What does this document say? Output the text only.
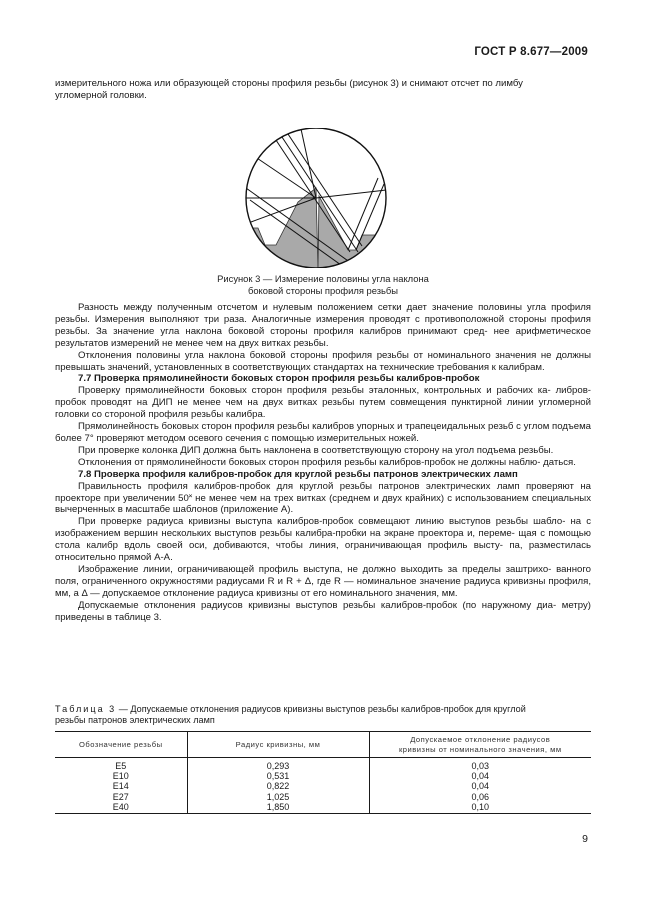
ГОСТ Р 8.677—2009
измерительного ножа или образующей стороны профиля резьбы (рисунок 3) и снимают отсчет по лимбу
угломерной головки.

Рисунок 3 — Измерение половины угла наклона

боковой стороны профиля резьбы

Разность между полученным отсчетом и нулевым положением сетки дает значение половины угла профиля резьбы. Измерения выполняют три раза. Аналогичные измерения проводят с противоположной стороны профиля резьбы. За значение угла наклона боковой стороны профиля калибров принимают сред- нее арифметическое результатов измерений не менее чем на двух витках резьбы.

Отклонения половины угла наклона боковой стороны профиля резьбы от номинального значения не должны превышать значений, установленных в соответствующих стандартах на технические требования к калибрам.

7.7 Проверка прямолинейности боковых сторон профиля резьбы калибров-пробок

Проверку прямолинейности боковых сторон профиля резьбы эталонных, контрольных и рабочих ка- либров-пробок проводят на ДИП не менее чем на двух витках резьбы путем совмещения пунктирной линии угломерной головки со стороной профиля резьбы калибра.

Прямолинейность боковых сторон профиля резьбы калибров упорных и трапецеидальных резьб с углом подъема более 7° проверяют методом осевого сечения с помощью измерительных ножей.

При проверке колонка ДИП должна быть наклонена в соответствующую сторону на угол подъема резьбы.

Отклонения от прямолинейности боковых сторон профиля резьбы калибров-пробок не должны наблю- даться.

7.8 Проверка профиля калибров-пробок для круглой резьбы патронов электрических ламп

Правильность профиля калибров-пробок для круглой резьбы патронов электрических ламп проверяют на проекторе при увеличении 50˟ не менее чем на трех витках (среднем и двух крайних) с использованием специальных вычерченных в масштабе шаблонов (приложение А).

При проверке радиуса кривизны выступа калибров-пробок совмещают линию выступов резьбы шабло- на с изображением вершин нескольких выступов резьбы калибра-пробки на экране проектора и, переме- щая с помощью стола калибр вдоль своей оси, добиваются, чтобы линия, ограничивающая профиль высту- па, разместилась относительно прямой А-А.

Изображение линии, ограничивающей профиль выступа, не должно выходить за пределы заштрихо- ванного поля, ограниченного окружностями радиусами R и R + Δ, где R — номинальное значение радиуса кривизны профиля, мм, а Δ — допускаемое отклонение радиуса кривизны от его номинального значения, мм.

Допускаемые отклонения радиусов кривизны выступов резьбы калибров-пробок (по наружному диа- метру) приведены в таблице 3.

Таблица 3 — Допускаемые отклонения радиусов кривизны выступов резьбы калибров-пробок для круглой
резьбы патронов электрических ламп
Обозначение резьбы	Радиус кривизны, мм	Допускаемое отклонение радиусов
кривизны от номинального значения, мм
E5	0,293	0,03
E10	0,531	0,04
E14	0,822	0,04
E27	1,025	0,06
E40	1,850	0,10
9
